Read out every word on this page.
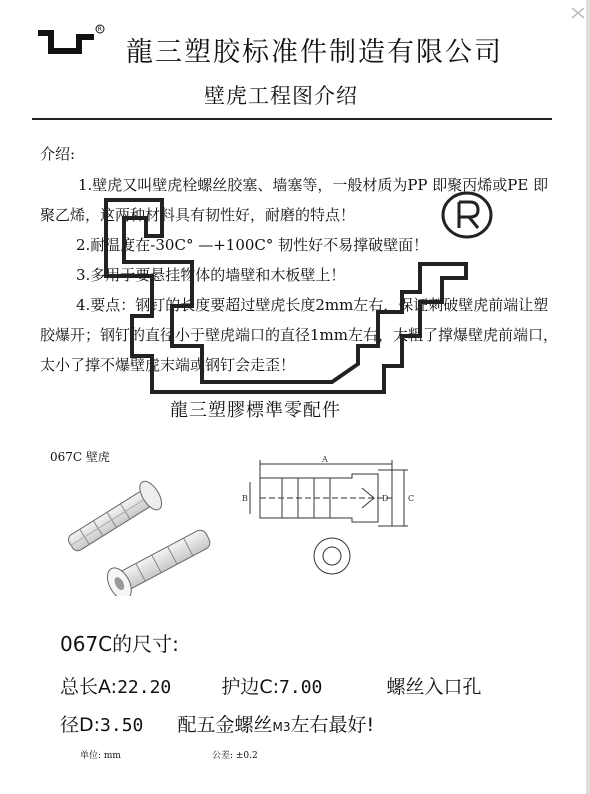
R
龍三塑胶标准件制造有限公司
壁虎工程图介绍
介绍:
1.壁虎又叫壁虎栓螺丝胶塞、墙塞等，一般材质为PP 即聚丙烯或PE 即聚乙烯，这两种材料具有韧性好，耐磨的特点！
2.耐温度在-30C° —+100C° 韧性好不易撑破壁面！
3.多用于要悬挂物体的墙壁和木板壁上！
4.要点：钢钉的长度要超过壁虎长度2mm左右，保证刺破壁虎前端让塑胶爆开；钢钉的直径小于壁虎端口的直径1mm左右，太粗了撑爆壁虎前端口，太小了撑不爆壁虎末端或钢钉会走歪！
龍三塑膠標準零配件
067C 壁虎	A
B	C
D
067C的尺寸:
总长A:22.20	护边C:7.00	螺丝入口孔
径D:3.50 配五金螺丝M3左右最好!
单位: mm	公差: ±0.2
